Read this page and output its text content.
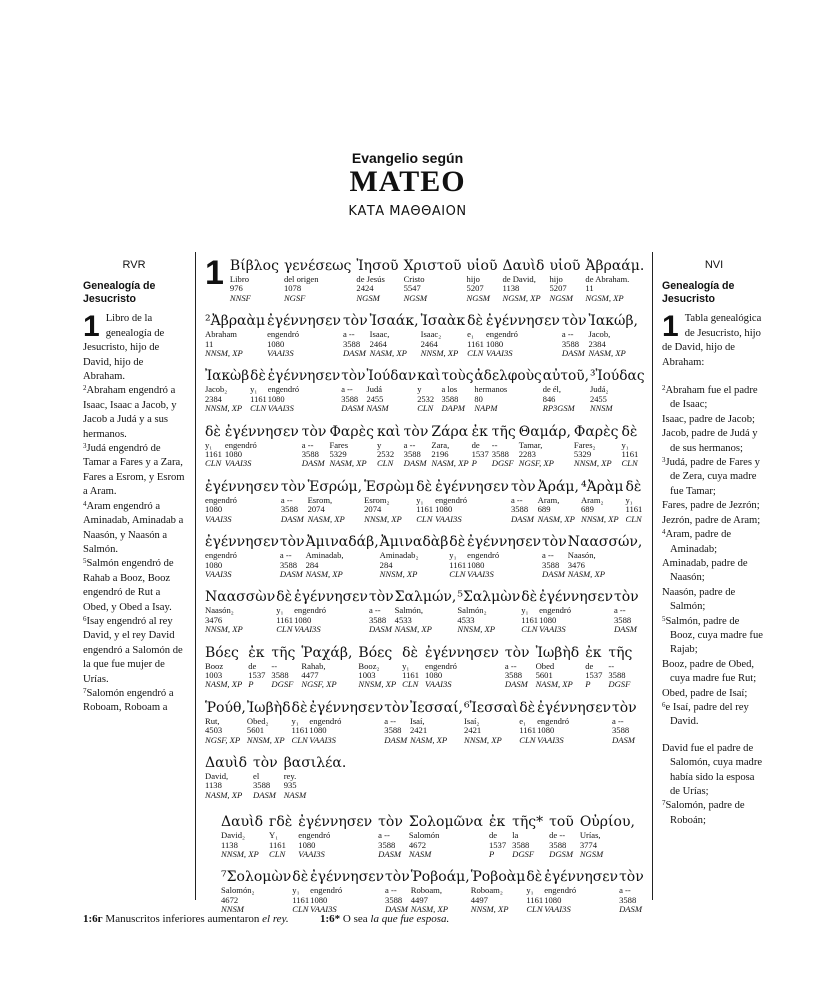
Evangelio según
MATEO
ΚΑΤΑ ΜΑΘΘΑΙΟΝ
RVR
Genealogía de Jesucristo
1 Libro de la genealogía de Jesucristo, hijo de David, hijo de Abraham.
$^2$Abraham engendró a Isaac, Isaac a Jacob, y Jacob a Judá y a sus hermanos.
$^3$Judá engendró de Tamar a Fares y a Zara, Fares a Esrom, y Esrom a Aram.
$^4$Aram engendró a Aminadab, Aminadab a Naasón, y Naasón a Salmón.
$^5$Salmón engendró de Rahab a Booz, Booz engendró de Rut a Obed, y Obed a Isay.
$^6$Isay engendró al rey David, y el rey David engendró a Salomón de la que fue mujer de Urías.
$^7$Salomón engendró a Roboam, Roboam a
NVI
Genealogía de Jesucristo
1 Tabla genealógica de Jesucristo, hijo de David, hijo de Abraham:
$^2$Abraham fue el padre de Isaac;
Isaac, padre de Jacob;
Jacob, padre de Judá y de sus hermanos;
$^3$Judá, padre de Fares y de Zera, cuya madre fue Tamar;
Fares, padre de Jezrón;
Jezrón, padre de Aram;
$^4$Aram, padre de Aminadab;
Aminadab, padre de Naasón;
Naasón, padre de Salmón;
$^5$Salmón, padre de Booz, cuya madre fue Rajab;
Booz, padre de Obed, cuya madre fue Rut;
Obed, padre de Isaí;
$^6$e Isaí, padre del rey David.
David fue el padre de Salomón, cuya madre había sido la esposa de Urías;
$^7$Salomón, padre de Roboán;
1 Βίβλος
Libro
976
NNSF
γενέσεως
del origen
1078
NGSF
Ἰησοῦ
de Jesús
2424
NGSM
Χριστοῦ
Cristo
5547
NGSM
υἱοῦ
hijo
5207
NGSM
Δαυὶδ
de David,
1138
NGSM, XP
υἱοῦ
hijo
5207
NGSM
Ἀβραάμ.
de Abraham.
11
NGSM, XP
²Ἀβραὰμ
Abraham
11
NNSM, XP
ἐγέννησεν
engendró
1080
VAAI3S
τὸν
a --
3588
DASM
Ἰσαάκ,
Isaac,
2464
NASM, XP
Ἰσαὰκ
Isaac₂
2464
NNSM, XP
δὲ
e₁
1161
CLN
ἐγέννησεν
engendró
1080
VAAI3S
τὸν
a --
3588
DASM
Ἰακώβ,
Jacob,
2384
NASM, XP
Ἰακὼβ
Jacob₂
2384
NNSM, XP
δὲ
y₁
1161
CLN
ἐγέννησεν
engendró
1080
VAAI3S
τὸν
a --
3588
DASM
Ἰούδαν
Judá
2455
NASM
καὶ
y
2532
CLN
τοὺς
a los
3588
DAPM
ἀδελφοὺς
hermanos
80
NAPM
αὐτοῦ,
de él,
846
RP3GSM
³Ἰούδας
Judá₂
2455
NNSM
δὲ
y₁
1161
CLN
ἐγέννησεν
engendró
1080
VAAI3S
τὸν
a --
3588
DASM
Φαρὲς
Fares
5329
NASM, XP
καὶ
y
2532
CLN
τὸν
a --
3588
DASM
Ζάρα
Zara,
2196
NASM, XP
ἐκ
de
1537
P
τῆς
--
3588
DGSF
Θαμάρ,
Tamar,
2283
NGSF, XP
Φαρὲς
Fares₂
5329
NNSM, XP
δὲ
y₁
1161
CLN
ἐγέννησεν
engendró
1080
VAAI3S
τὸν
a --
3588
DASM
Ἑσρώμ,
Esrom,
2074
NASM, XP
Ἑσρὼμ
Esrom₂
2074
NNSM, XP
δὲ
y₁
1161
CLN
ἐγέννησεν
engendró
1080
VAAI3S
τὸν
a --
3588
DASM
Ἀράμ,
Aram,
689
NASM, XP
⁴Ἀρὰμ
Aram₂
689
NNSM, XP
δὲ
y₁
1161
CLN
ἐγέννησεν
engendró
1080
VAAI3S
τὸν
a --
3588
DASM
Ἀμιναδάβ,
Aminadab,
284
NASM, XP
Ἀμιναδὰβ
Aminadab₂
284
NNSM, XP
δὲ
y₁
1161
CLN
ἐγέννησεν
engendró
1080
VAAI3S
τὸν
a --
3588
DASM
Ναασσών,
Naasón,
3476
NASM, XP
Ναασσὼν
Naasón₂
3476
NNSM, XP
δὲ
y₁
1161
CLN
ἐγέννησεν
engendró
1080
VAAI3S
τὸν
a --
3588
DASM
Σαλμών,
Salmón,
4533
NASM, XP
⁵Σαλμὼν
Salmón₂
4533
NNSM, XP
δὲ
y₁
1161
CLN
ἐγέννησεν
engendró
1080
VAAI3S
τὸν
a --
3588
DASM
Βόες
Booz
1003
NASM, XP
ἐκ
de
1537
P
τῆς
--
3588
DGSF
Ῥαχάβ,
Rahab,
4477
NGSF, XP
Βόες
Booz₂
1003
NNSM, XP
δὲ
y₁
1161
CLN
ἐγέννησεν
engendró
1080
VAAI3S
τὸν
a --
3588
DASM
Ἰωβὴδ
Obed
5601
NASM, XP
ἐκ
de
1537
P
τῆς
--
3588
DGSF
Ῥούθ,
Rut,
4503
NGSF, XP
Ἰωβὴδ
Obed₂
5601
NNSM, XP
δὲ
y₁
1161
CLN
ἐγέννησεν
engendró
1080
VAAI3S
τὸν
a --
3588
DASM
Ἰεσσαί,
Isaí,
2421
NASM, XP
⁶Ἰεσσαὶ
Isaí₂
2421
NNSM, XP
δὲ
e₁
1161
CLN
ἐγέννησεν
engendró
1080
VAAI3S
τὸν
a --
3588
DASM
Δαυὶδ
David,
1138
NASM, XP
τὸν
el
3588
DASM
βασιλέα.
rey.
935
NASM
Δαυὶδ
David₂
1138
NNSM, XP
ᴦδὲ
Y₁
1161
CLN
ἐγέννησεν
engendró
1080
VAAI3S
τὸν
a --
3588
DASM
Σολομῶνα
Salomón
4672
NASM
ἐκ
de
1537
P
τῆς*
la
3588
DGSF
τοῦ
de --
3588
DGSM
Οὐρίου,
Urías,
3774
NGSM
⁷Σολομὼν
Salomón₂
4672
NNSM
δὲ
y₁
1161
CLN
ἐγέννησεν
engendró
1080
VAAI3S
τὸν
a --
3588
DASM
Ῥοβοάμ,
Roboam,
4497
NASM, XP
Ῥοβοὰμ
Roboam₂
4497
NNSM, XP
δὲ
y₁
1161
CLN
ἐγέννησεν
engendró
1080
VAAI3S
τὸν
a --
3588
DASM
1:6ᴦ Manuscritos inferiores aumentaron el rey.	1:6* O sea la que fue esposa.
